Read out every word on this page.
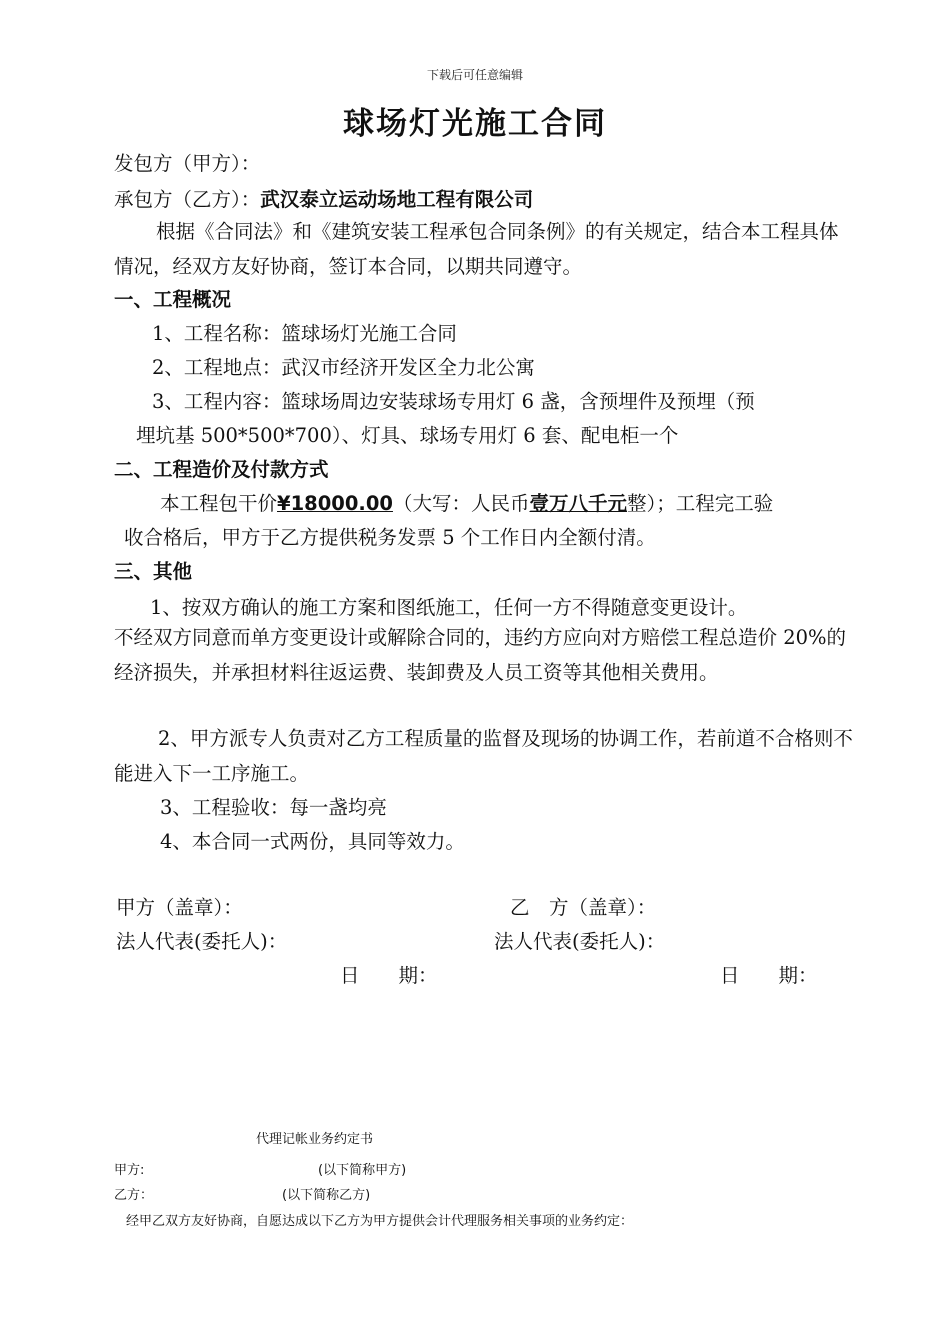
下载后可任意编辑
球场灯光施工合同
发包方（甲方）：
承包方（乙方）：武汉泰立运动场地工程有限公司
根据《合同法》和《建筑安装工程承包合同条例》的有关规定，结合本工程具体情况，经双方友好协商，签订本合同，以期共同遵守。
一、工程概况
1、工程名称：篮球场灯光施工合同
2、工程地点：武汉市经济开发区全力北公寓
3、工程内容：篮球场周边安装球场专用灯 6 盏，含预埋件及预埋（预
埋坑基 500*500*700）、灯具、球场专用灯 6 套、配电柜一个
二、工程造价及付款方式
本工程包干价¥18000.00（大写：人民币壹万八千元整）；工程完工验
收合格后，甲方于乙方提供税务发票 5 个工作日内全额付清。
三、其他
1、按双方确认的施工方案和图纸施工，任何一方不得随意变更设计。
不经双方同意而单方变更设计或解除合同的，违约方应向对方赔偿工程总造价 20%的经济损失，并承担材料往返运费、装卸费及人员工资等其他相关费用。
2、甲方派专人负责对乙方工程质量的监督及现场的协调工作，若前道不合格则不能进入下一工序施工。
3、工程验收：每一盏均亮
4、本合同一式两份，具同等效力。
甲方（盖章）：	乙　方（盖章）：
法人代表(委托人)：	法人代表(委托人)：
日　　期：	日　　期：
代理记帐业务约定书
甲方:	(以下简称甲方)
乙方：	(以下简称乙方)
经甲乙双方友好协商，自愿达成以下乙方为甲方提供会计代理服务相关事项的业务约定：
